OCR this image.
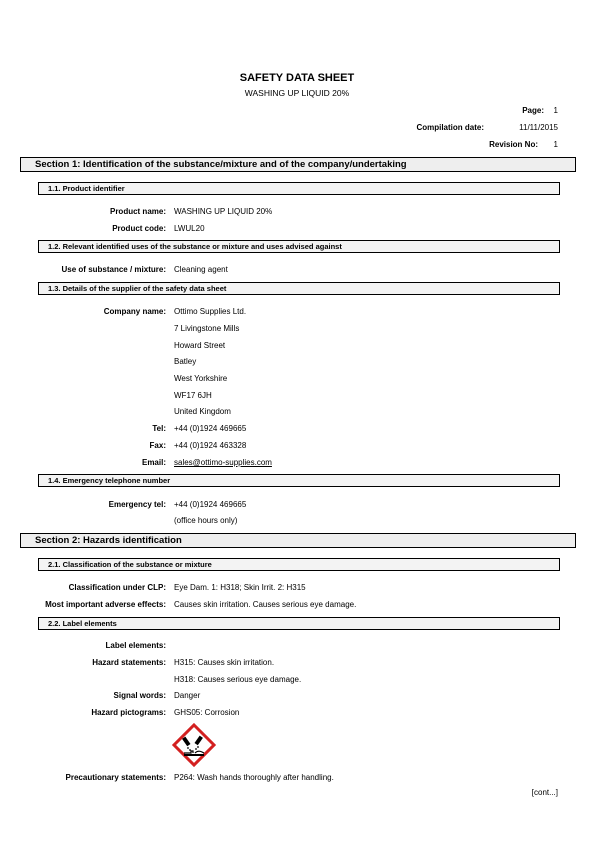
SAFETY DATA SHEET
WASHING UP LIQUID 20%
Page: 1
Compilation date:	11/11/2015
Revision No: 1
Section 1: Identification of the substance/mixture and of the company/undertaking
1.1. Product identifier
Product name: WASHING UP LIQUID 20%
Product code: LWUL20
1.2. Relevant identified uses of the substance or mixture and uses advised against
Use of substance / mixture: Cleaning agent
1.3. Details of the supplier of the safety data sheet
Company name: Ottimo Supplies Ltd.
7 Livingstone Mills
Howard Street
Batley
West Yorkshire
WF17 6JH
United Kingdom
Tel: +44 (0)1924 469665
Fax: +44 (0)1924 463328
Email: sales@ottimo-supplies.com
1.4. Emergency telephone number
Emergency tel: +44 (0)1924 469665
(office hours only)
Section 2: Hazards identification
2.1. Classification of the substance or mixture
Classification under CLP: Eye Dam. 1: H318; Skin Irrit. 2: H315
Most important adverse effects: Causes skin irritation. Causes serious eye damage.
2.2. Label elements
Label elements:
Hazard statements: H315: Causes skin irritation.
H318: Causes serious eye damage.
Signal words: Danger
Hazard pictograms: GHS05: Corrosion
Precautionary statements: P264: Wash hands thoroughly after handling.
[cont...]
